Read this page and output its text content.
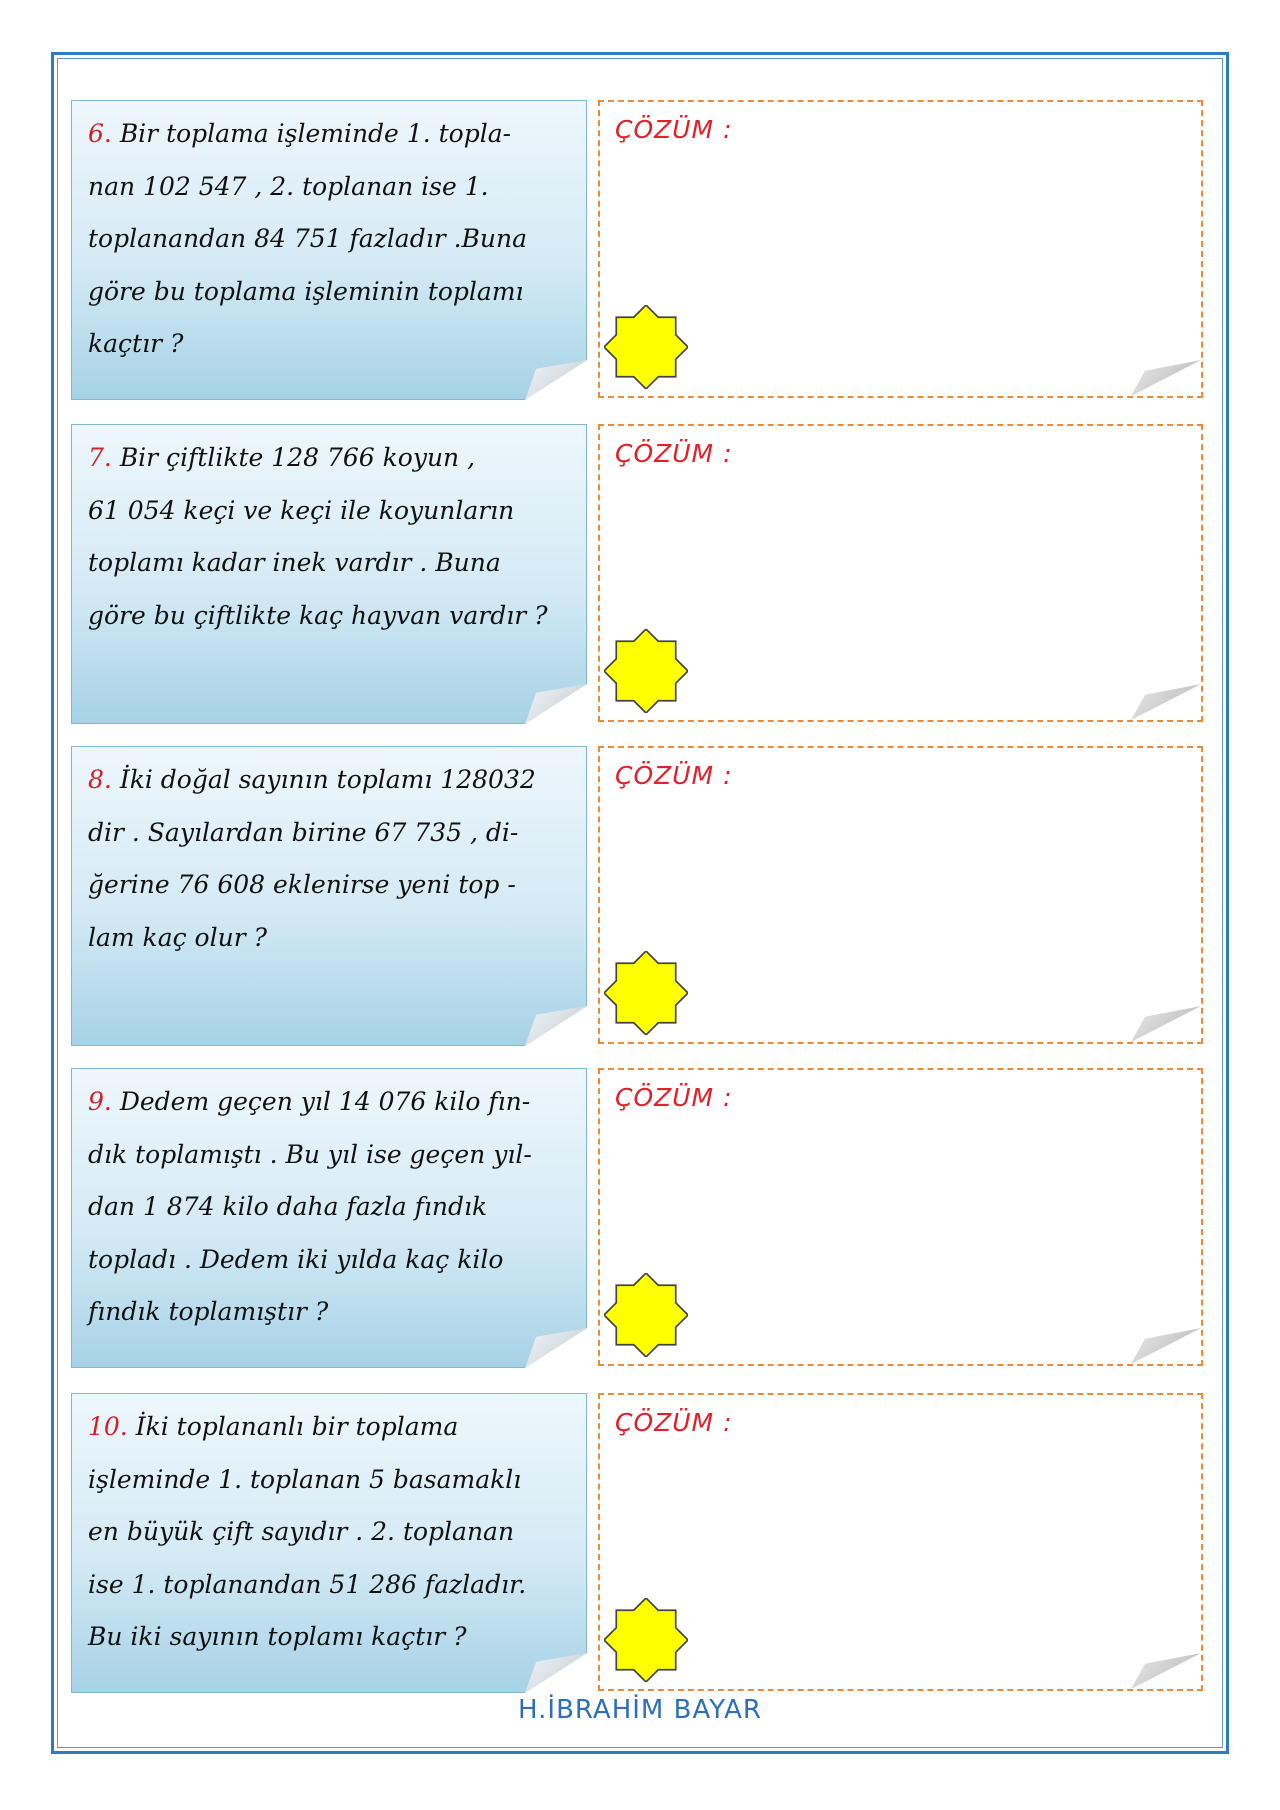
6. Bir toplama işleminde 1. topla-
nan 102 547 , 2. toplanan ise 1.
toplanandan 84 751 fazladır .Buna
göre bu toplama işleminin toplamı
kaçtır ?

ÇÖZÜM :

7. Bir çiftlikte 128 766 koyun ,
61 054 keçi ve keçi ile koyunların
toplamı kadar inek vardır . Buna
göre bu çiftlikte kaç hayvan vardır ?

ÇÖZÜM :

8. İki doğal sayının toplamı 128032
dir . Sayılardan birine 67 735 , di-
ğerine 76 608 eklenirse yeni top -
lam kaç olur ?

ÇÖZÜM :

9. Dedem geçen yıl 14 076 kilo fın-
dık toplamıştı . Bu yıl ise geçen yıl-
dan 1 874 kilo daha fazla fındık
topladı . Dedem iki yılda kaç kilo
fındık toplamıştır ?

ÇÖZÜM :

10. İki toplananlı bir toplama
işleminde 1. toplanan 5 basamaklı
en büyük çift sayıdır . 2. toplanan
ise 1. toplanandan 51 286 fazladır.
Bu iki sayının toplamı kaçtır ?

ÇÖZÜM :
H.İBRAHİM BAYAR
